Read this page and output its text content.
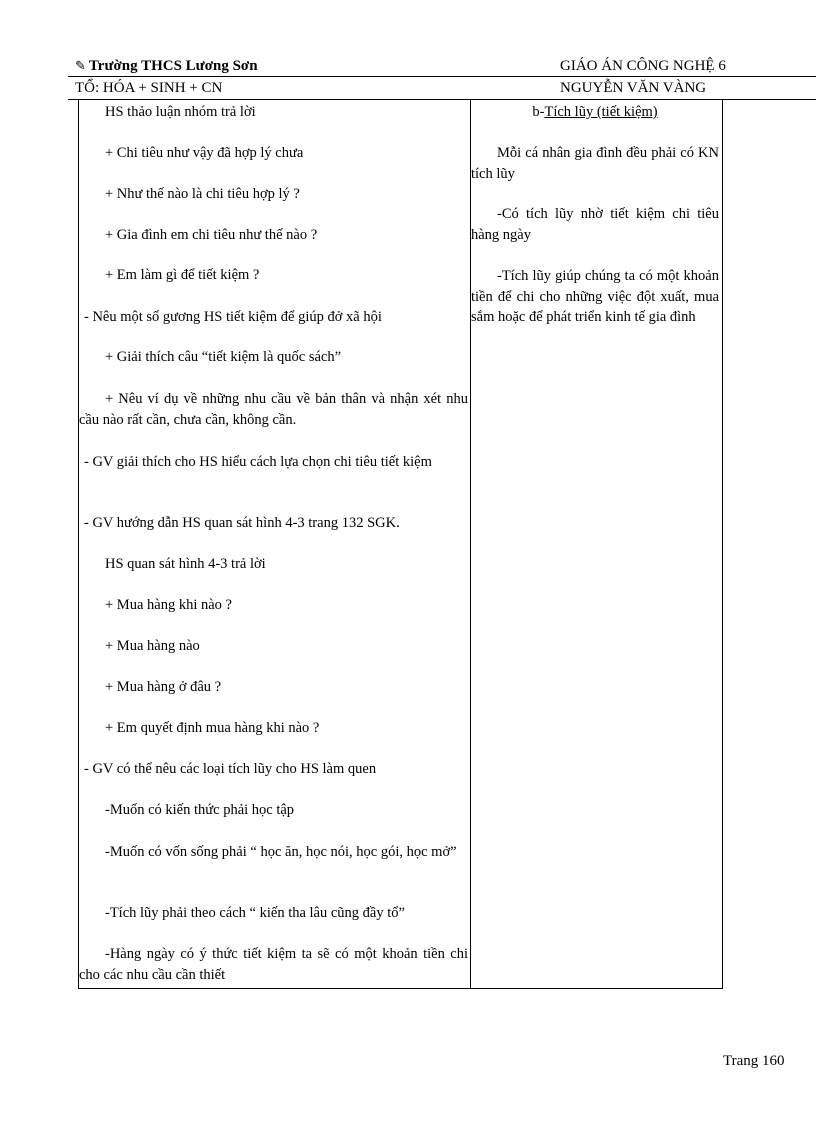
✎ Trường THCS Lương Sơn	GIÁO ÁN CÔNG NGHỆ 6
TỔ: HÓA + SINH + CN	NGUYỄN VĂN VÀNG

HS thảo luận nhóm trả lời

+ Chi tiêu như vậy đã hợp lý chưa

+ Như thế nào là chi tiêu hợp lý ?

+ Gia đình em chi tiêu như thế nào ?

+ Em làm gì để tiết kiệm ?

- Nêu một số gương HS tiết kiệm để giúp đở xã hội

+ Giải thích câu “tiết kiệm là quốc sách”

+ Nêu ví dụ về những nhu cầu về bản thân và nhận xét nhu cầu nào rất cần, chưa cần, không cần.

- GV giải thích cho HS hiểu cách lựa chọn chi tiêu tiết kiệm

- GV hướng dẫn HS quan sát hình 4-3 trang 132 SGK.

HS quan sát hình 4-3 trả lời

+ Mua hàng khi nào ?

+ Mua hàng nào

+ Mua hàng ở đâu ?

+ Em quyết định mua hàng khi nào ?

- GV có thể nêu các loại tích lũy cho HS làm quen

-Muốn có kiến thức phải học tập

-Muốn có vốn sống phải “ học ăn, học nói, học gói, học mở”

-Tích lũy phải theo cách “ kiến tha lâu cũng đầy tổ”

-Hàng ngày có ý thức tiết kiệm ta sẽ có một khoản tiền chi cho các nhu cầu cần thiết

b-Tích lũy (tiết kiệm)

Mỗi cá nhân gia đình đều phải có KN tích lũy

-Có tích lũy nhờ tiết kiệm chi tiêu hàng ngày

-Tích lũy giúp chúng ta có một khoản tiền để chi cho những việc đột xuất, mua sắm hoặc để phát triển kinh tế gia đình

Trang 160
